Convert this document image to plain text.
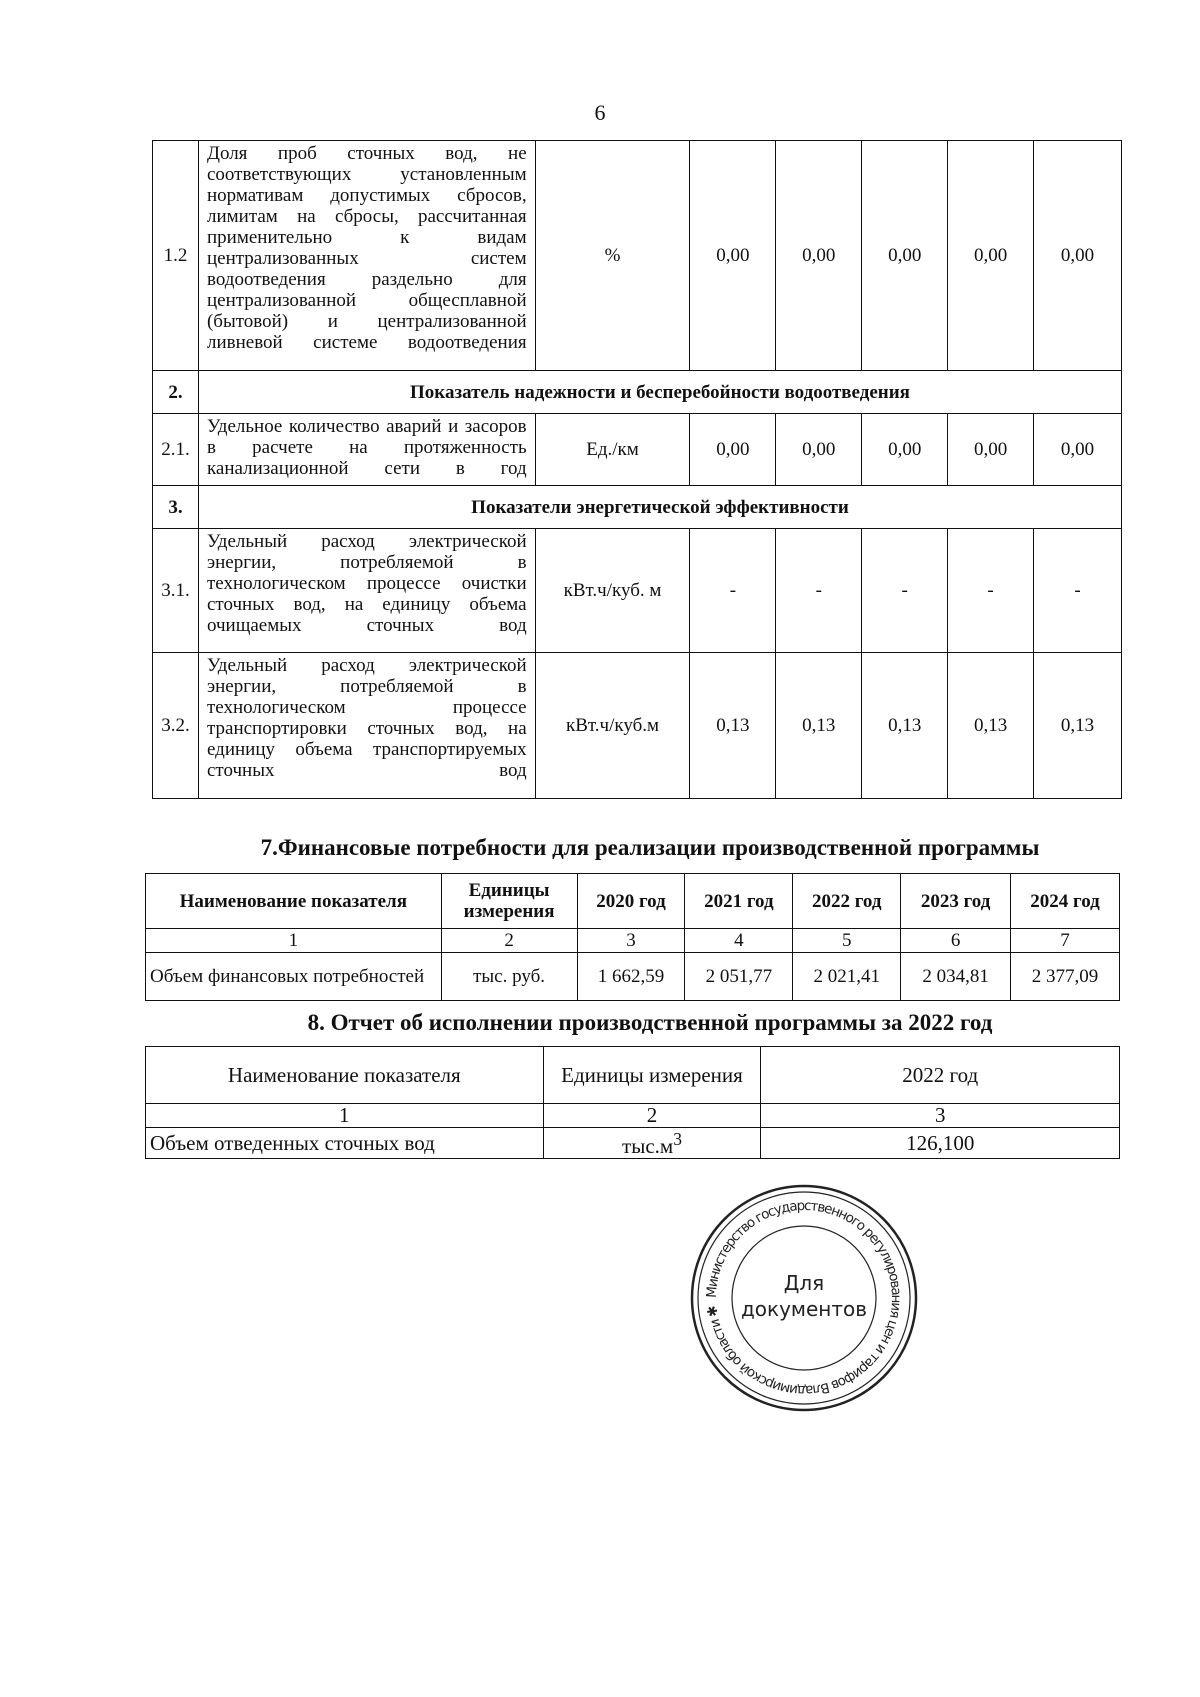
6
1.2	Доля проб сточных вод, не соответствующих установленным нормативам допустимых сбросов, лимитам на сбросы, рассчитанная применительно к видам централизованных систем водоотведения раздельно для централизованной общесплавной (бытовой) и централизованной ливневой системе водоотведения	%	0,00	0,00	0,00	0,00	0,00
2.	Показатель надежности и бесперебойности водоотведения						
2.1.	Удельное количество аварий и засоров в расчете на протяженность канализационной сети в год	Ед./км	0,00	0,00	0,00	0,00	0,00
3.	Показатели энергетической эффективности						
3.1.	Удельный расход электрической энергии, потребляемой в технологическом процессе очистки сточных вод, на единицу объема очищаемых сточных вод	кВт.ч/куб. м	-	-	-	-	-
3.2.	Удельный расход электрической энергии, потребляемой в технологическом процессе транспортировки сточных вод, на единицу объема транспортируемых сточных вод	кВт.ч/куб.м	0,13	0,13	0,13	0,13	0,13
7.Финансовые потребности для реализации производственной программы
Наименование показателя	Единицы измерения	2020 год	2021 год	2022 год	2023 год	2024 год
1	2	3	4	5	6	7
Объем финансовых потребностей	тыс. руб.	1 662,59	2 051,77	2 021,41	2 034,81	2 377,09
8. Отчет об исполнении производственной программы за 2022 год
Наименование показателя	Единицы измерения	2022 год
1	2	3
Объем отведенных сточных вод	$тыс.м^3$	126,100
Министерство государственного регулирования цен и тарифов Владимирской области ✱
Для
документов
